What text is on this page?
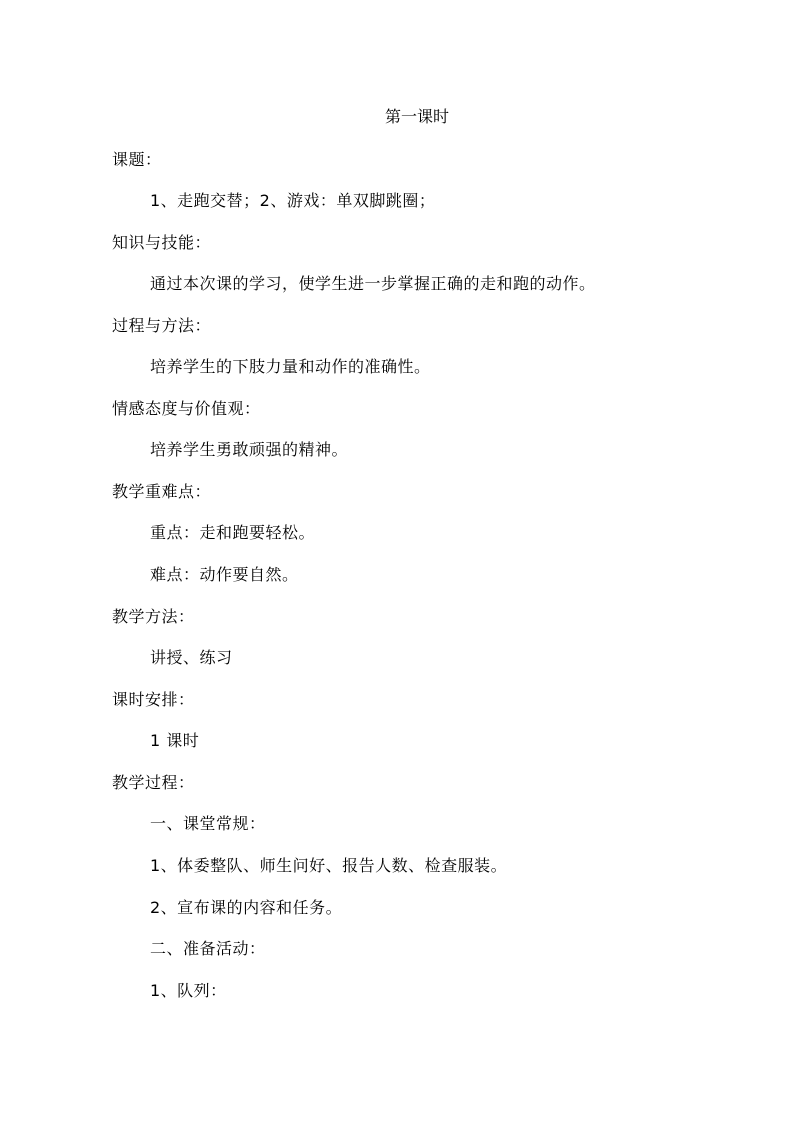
第一课时
课题：
1、走跑交替；2、游戏：单双脚跳圈；
知识与技能：
通过本次课的学习，使学生进一步掌握正确的走和跑的动作。
过程与方法：
培养学生的下肢力量和动作的准确性。
情感态度与价值观：
培养学生勇敢顽强的精神。
教学重难点：
重点：走和跑要轻松。
难点：动作要自然。
教学方法：
讲授、练习
课时安排：
1 课时
教学过程：
一、课堂常规：
1、体委整队、师生问好、报告人数、检查服装。
2、宣布课的内容和任务。
二、准备活动：
1、队列：
